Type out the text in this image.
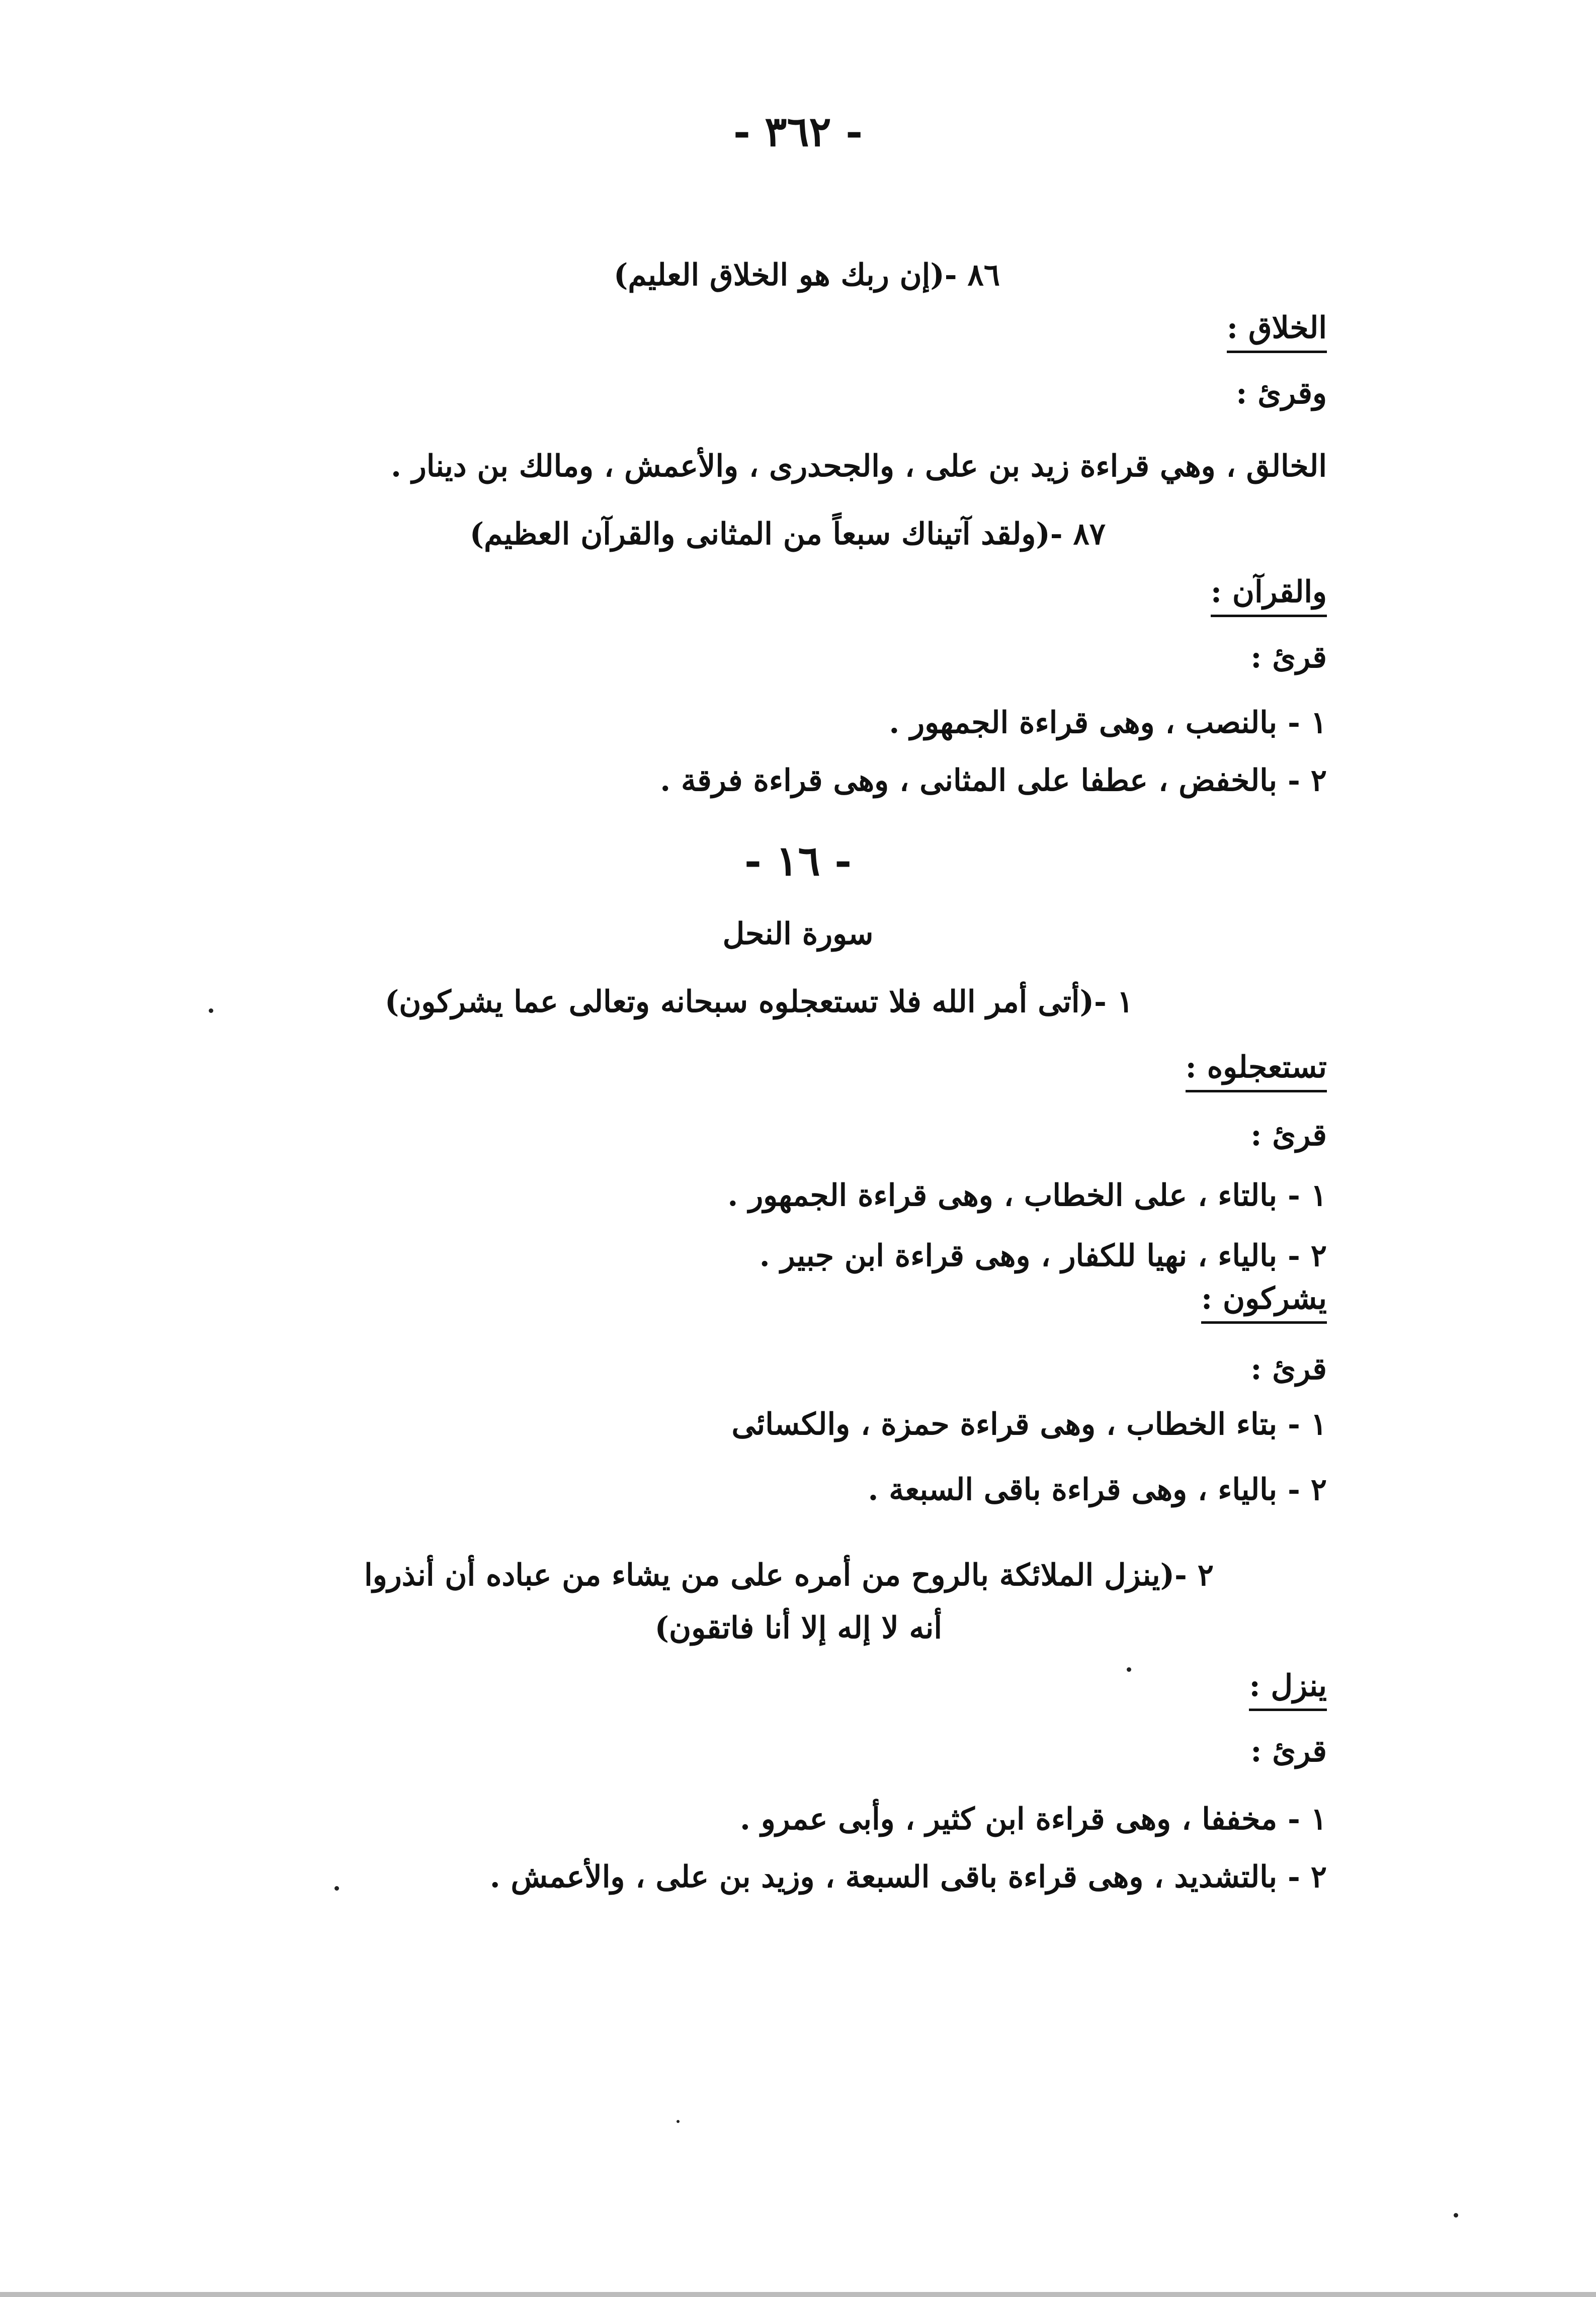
- ٣٦٢ -
٨٦ -(إن ربك هو الخلاق العليم)
الخلاق :
وقرئ :
الخالق ، وهي قراءة زيد بن على ، والجحدرى ، والأعمش ، ومالك بن دينار .
٨٧ -(ولقد آتيناك سبعاً من المثانى والقرآن العظيم)
والقرآن :
قرئ :
١ - بالنصب ، وهى قراءة الجمهور .
٢ - بالخفض ، عطفا على المثانى ، وهى قراءة فرقة .
- ١٦ -
سورة النحل
١ -(أتى أمر الله فلا تستعجلوه سبحانه وتعالى عما يشركون)
تستعجلوه :
قرئ :
١ - بالتاء ، على الخطاب ، وهى قراءة الجمهور .
٢ - بالياء ، نهيا للكفار ، وهى قراءة ابن جبير .
يشركون :
قرئ :
١ - بتاء الخطاب ، وهى قراءة حمزة ، والكسائى
٢ - بالياء ، وهى قراءة باقى السبعة .
٢ -(ينزل الملائكة بالروح من أمره على من يشاء من عباده أن أنذروا
أنه لا إله إلا أنا فاتقون)
ينزل :
قرئ :
١ - مخففا ، وهى قراءة ابن كثير ، وأبى عمرو .
٢ - بالتشديد ، وهى قراءة باقى السبعة ، وزيد بن على ، والأعمش .
